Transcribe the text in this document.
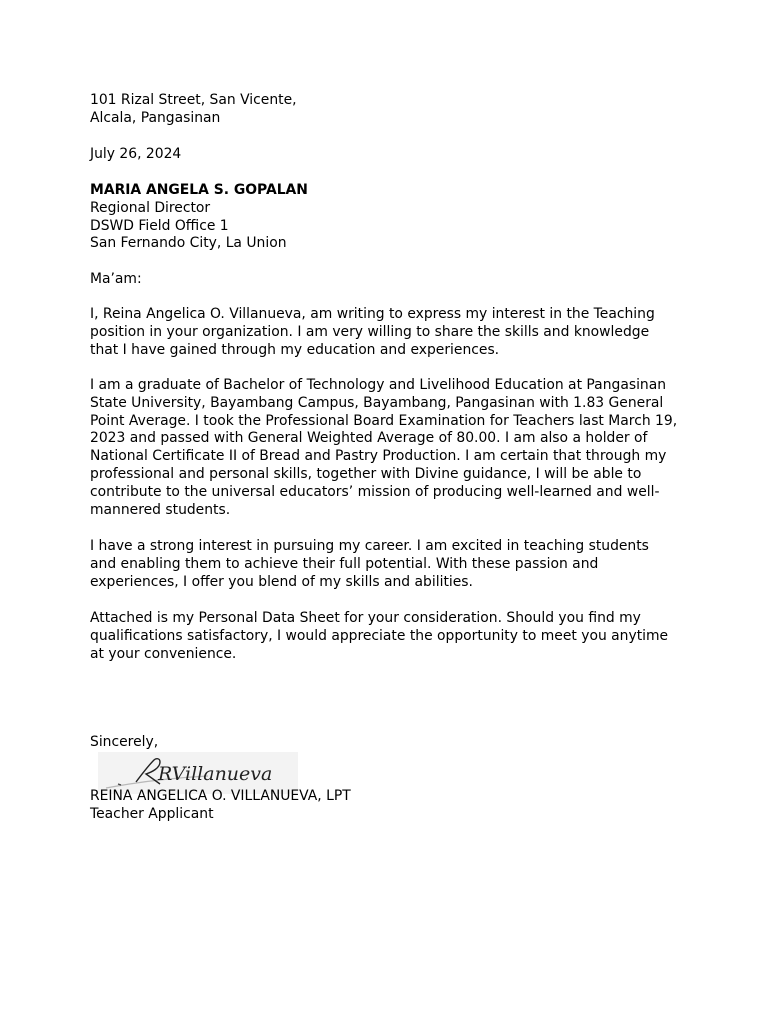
101 Rizal Street, San Vicente,
Alcala, Pangasinan
July 26, 2024
MARIA ANGELA S. GOPALAN
Regional Director
DSWD Field Office 1
San Fernando City, La Union
Ma’am:
I, Reina Angelica O. Villanueva, am writing to express my interest in the Teaching position in your organization. I am very willing to share the skills and knowledge that I have gained through my education and experiences.
I am a graduate of Bachelor of Technology and Livelihood Education at Pangasinan State University, Bayambang Campus, Bayambang, Pangasinan with 1.83 General Point Average. I took the Professional Board Examination for Teachers last March 19, 2023 and passed with General Weighted Average of 80.00. I am also a holder of National Certificate II of Bread and Pastry Production. I am certain that through my professional and personal skills, together with Divine guidance, I will be able to contribute to the universal educators’ mission of producing well-learned and well-mannered students.
I have a strong interest in pursuing my career. I am excited in teaching students and enabling them to achieve their full potential. With these passion and experiences, I offer you blend of my skills and abilities.
Attached is my Personal Data Sheet for your consideration. Should you find my qualifications satisfactory, I would appreciate the opportunity to meet you anytime at your convenience.
Sincerely,
RVillanueva
REINA ANGELICA O. VILLANUEVA, LPT
Teacher Applicant
